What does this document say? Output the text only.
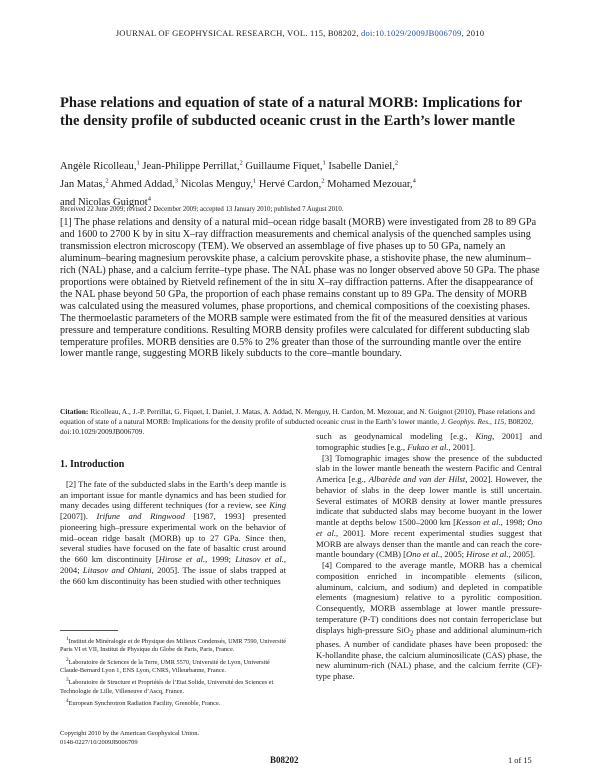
JOURNAL OF GEOPHYSICAL RESEARCH, VOL. 115, B08202, doi:10.1029/2009JB006709, 2010
Phase relations and equation of state of a natural MORB: Implications for the density profile of subducted oceanic crust in the Earth’s lower mantle
Angèle Ricolleau,$^1$ Jean-Philippe Perrillat,$^2$ Guillaume Fiquet,$^1$ Isabelle Daniel,$^2$
Jan Matas,$^2$ Ahmed Addad,$^3$ Nicolas Menguy,$^1$ Hervé Cardon,$^2$ Mohamed Mezouar,$^4$
and Nicolas Guignot$^4$
Received 22 June 2009; revised 2 December 2009; accepted 13 January 2010; published 7 August 2010.
[1] The phase relations and density of a natural mid–ocean ridge basalt (MORB) were investigated from 28 to 89 GPa and 1600 to 2700 K by in situ X–ray diffraction measurements and chemical analysis of the quenched samples using transmission electron microscopy (TEM). We observed an assemblage of five phases up to 50 GPa, namely an aluminum–bearing magnesium perovskite phase, a calcium perovskite phase, a stishovite phase, the new aluminum–rich (NAL) phase, and a calcium ferrite–type phase. The NAL phase was no longer observed above 50 GPa. The phase proportions were obtained by Rietveld refinement of the in situ X–ray diffraction patterns. After the disappearance of the NAL phase beyond 50 GPa, the proportion of each phase remains constant up to 89 GPa. The density of MORB was calculated using the measured volumes, phase proportions, and chemical compositions of the coexisting phases. The thermoelastic parameters of the MORB sample were estimated from the fit of the measured densities at various pressure and temperature conditions. Resulting MORB density profiles were calculated for different subducting slab temperature profiles. MORB densities are 0.5% to 2% greater than those of the surrounding mantle over the entire lower mantle range, suggesting MORB likely subducts to the core–mantle boundary.
Citation: Ricolleau, A., J.-P. Perrillat, G. Fiquet, I. Daniel, J. Matas, A. Addad, N. Menguy, H. Cardon, M. Mezouar, and N. Guignot (2010), Phase relations and equation of state of a natural MORB: Implications for the density profile of subducted oceanic crust in the Earth’s lower mantle, J. Geophys. Res., 115, B08202, doi:10.1029/2009JB006709.
1. Introduction

[2] The fate of the subducted slabs in the Earth’s deep mantle is an important issue for mantle dynamics and has been studied for many decades using different techniques (for a review, see King [2007]). Irifune and Ringwood [1987, 1993] presented pioneering high–pressure experimental work on the behavior of mid–ocean ridge basalt (MORB) up to 27 GPa. Since then, several studies have focused on the fate of basaltic crust around the 660 km discontinuity [Hirose et al., 1999; Litasov et al., 2004; Litasov and Ohtani, 2005]. The issue of slabs trapped at the 660 km discontinuity has been studied with other techniques

$^1$Institut de Minéralogie et de Physique des Milieux Condensés, UMR 7590, Université Paris VI et VII, Institut de Physique du Globe de Paris, Paris, France.

$^2$Laboratoire de Sciences de la Terre, UMR 5570, Université de Lyon, Université Claude-Bernard Lyon 1, ENS Lyon, CNRS, Villeurbanne, France.

$^3$Laboratoire de Structure et Propriétés de l’Etat Solide, Université des Sciences et Technologie de Lille, Villeneuve d’Ascq, France.

$^4$European Synchrotron Radiation Facility, Grenoble, France.

Copyright 2010 by the American Geophysical Union.
0148-0227/10/2009JB006709

such as geodynamical modeling [e.g., King, 2001] and tomographic studies [e.g., Fukao et al., 2001].

[3] Tomographic images show the presence of the subducted slab in the lower mantle beneath the western Pacific and Central America [e.g., Albarède and van der Hilst, 2002]. However, the behavior of slabs in the deep lower mantle is still uncertain. Several estimates of MORB density at lower mantle pressures indicate that subducted slabs may become buoyant in the lower mantle at depths below 1500–2000 km [Kesson et al., 1998; Ono et al., 2001]. More recent experimental studies suggest that MORB are always denser than the mantle and can reach the core-mantle boundary (CMB) [Ono et al., 2005; Hirose et al., 2005].

[4] Compared to the average mantle, MORB has a chemical composition enriched in incompatible elements (silicon, aluminum, calcium, and sodium) and depleted in compatible elements (magnesium) relative to a pyrolitic composition. Consequently, MORB assemblage at lower mantle pressure-temperature (P-T) conditions does not contain ferropericlase but displays high-pressure SiO$_2$ phase and additional aluminum-rich phases. A number of candidate phases have been proposed: the K-hollandite phase, the calcium aluminosilicate (CAS) phase, the new aluminum-rich (NAL) phase, and the calcium ferrite (CF)-type phase.

B08202	1 of 15
